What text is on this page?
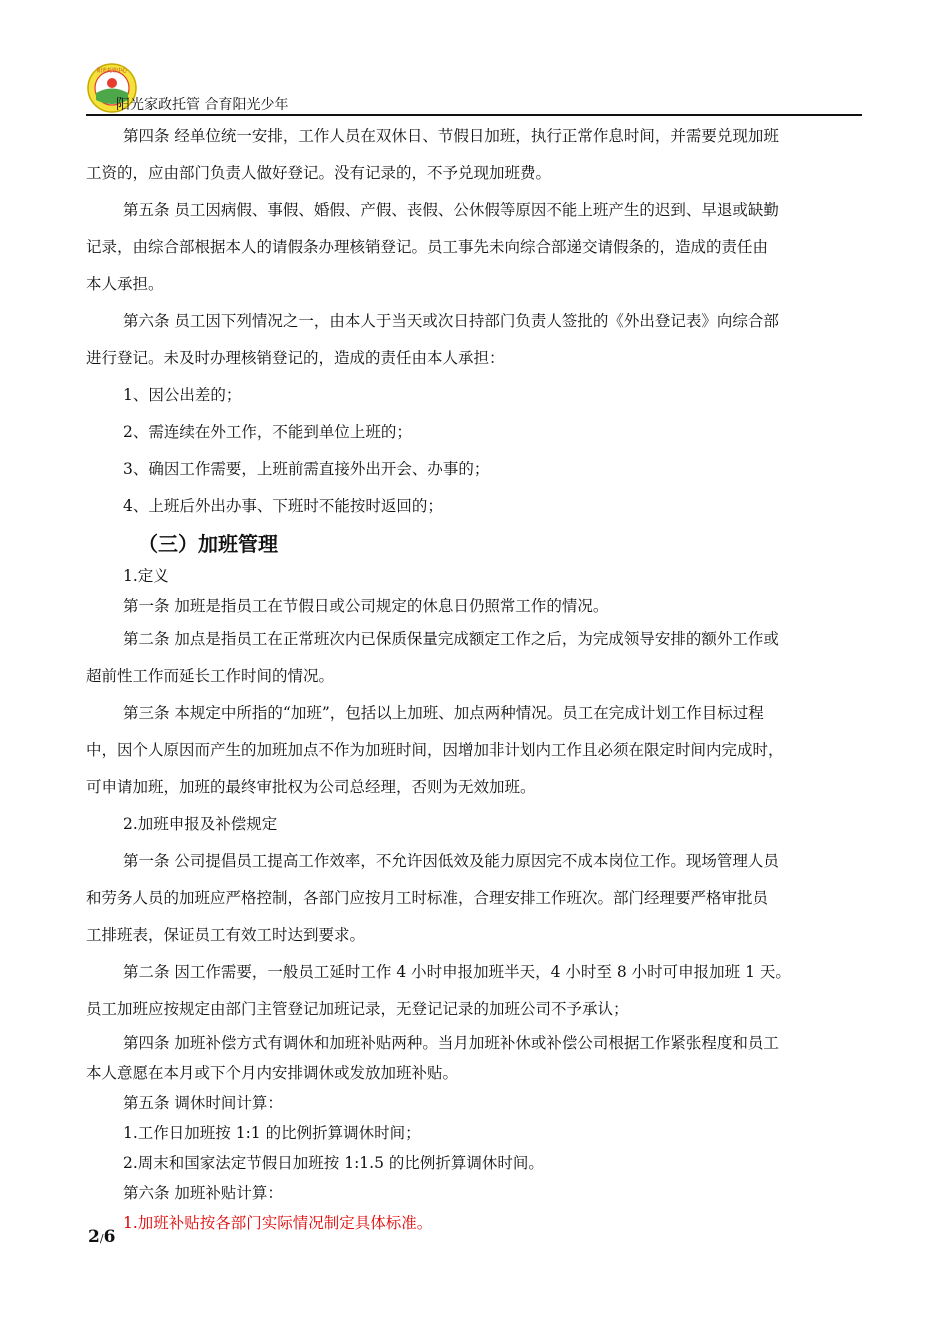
阳光托管中心
阳光家政托管 合育阳光少年

第四条 经单位统一安排，工作人员在双休日、节假日加班，执行正常作息时间，并需要兑现加班

工资的，应由部门负责人做好登记。没有记录的，不予兑现加班费。

第五条 员工因病假、事假、婚假、产假、丧假、公休假等原因不能上班产生的迟到、早退或缺勤

记录，由综合部根据本人的请假条办理核销登记。员工事先未向综合部递交请假条的，造成的责任由

本人承担。

第六条 员工因下列情况之一，由本人于当天或次日持部门负责人签批的《外出登记表》向综合部

进行登记。未及时办理核销登记的，造成的责任由本人承担：

1、因公出差的；

2、需连续在外工作，不能到单位上班的；

3、确因工作需要，上班前需直接外出开会、办事的；

4、上班后外出办事、下班时不能按时返回的；

（三）加班管理

1.定义

第一条 加班是指员工在节假日或公司规定的休息日仍照常工作的情况。

第二条 加点是指员工在正常班次内已保质保量完成额定工作之后，为完成领导安排的额外工作或

超前性工作而延长工作时间的情况。

第三条 本规定中所指的“加班”，包括以上加班、加点两种情况。员工在完成计划工作目标过程

中，因个人原因而产生的加班加点不作为加班时间，因增加非计划内工作且必须在限定时间内完成时，

可申请加班，加班的最终审批权为公司总经理，否则为无效加班。

2.加班申报及补偿规定

第一条 公司提倡员工提高工作效率，不允许因低效及能力原因完不成本岗位工作。现场管理人员

和劳务人员的加班应严格控制，各部门应按月工时标准，合理安排工作班次。部门经理要严格审批员

工排班表，保证员工有效工时达到要求。

第二条 因工作需要，一般员工延时工作 4 小时申报加班半天，4 小时至 8 小时可申报加班 1 天。

员工加班应按规定由部门主管登记加班记录，无登记记录的加班公司不予承认；

第四条 加班补偿方式有调休和加班补贴两种。当月加班补休或补偿公司根据工作紧张程度和员工

本人意愿在本月或下个月内安排调休或发放加班补贴。

第五条 调休时间计算：

1.工作日加班按 1:1 的比例折算调休时间；

2.周末和国家法定节假日加班按 1:1.5 的比例折算调休时间。

第六条 加班补贴计算：

1.加班补贴按各部门实际情况制定具体标准。

2/6
